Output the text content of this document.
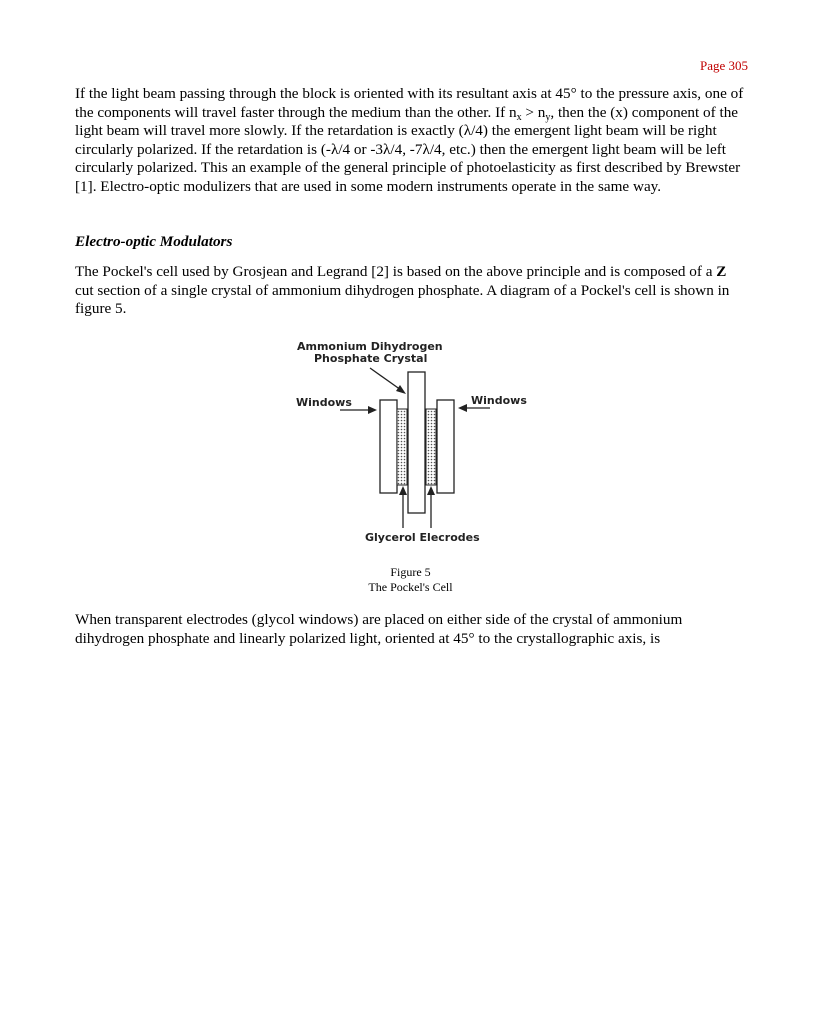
Page 305

If the light beam passing through the block is oriented with its resultant axis at 45° to the pressure axis, one of the components will travel faster through the medium than the other. If $n_x > n_y$, then the (x) component of the light beam will travel more slowly. If the retardation is exactly (λ/4) the emergent light beam will be right circularly polarized. If the retardation is (-λ/4 or -3λ/4, -7λ/4, etc.) then the emergent light beam will be left circularly polarized. This an example of the general principle of photoelasticity as first described by Brewster [1]. Electro-optic modulizers that are used in some modern instruments operate in the same way.

Electro-optic Modulators

The Pockel's cell used by Grosjean and Legrand [2] is based on the above principle and is composed of a Z cut section of a single crystal of ammonium dihydrogen phosphate. A diagram of a Pockel's cell is shown in figure 5.

Ammonium Dihydrogen

Phosphate Crystal

Windows	Windows

Glycerol Elecrodes

Figure 5

The Pockel's Cell

When transparent electrodes (glycol windows) are placed on either side of the crystal of ammonium dihydrogen phosphate and linearly polarized light, oriented at 45° to the crystallographic axis, is
